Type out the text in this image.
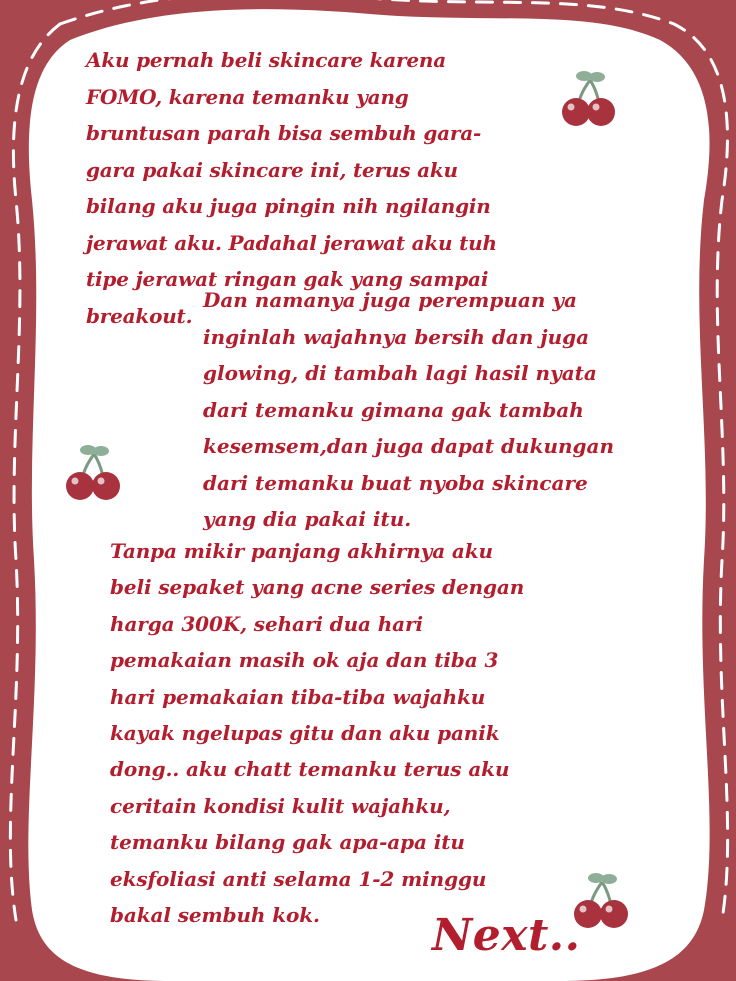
Aku pernah beli skincare karena
FOMO, karena temanku yang
bruntusan parah bisa sembuh gara-
gara pakai skincare ini, terus aku
bilang aku juga pingin nih ngilangin
jerawat aku. Padahal jerawat aku tuh
tipe jerawat ringan gak yang sampai
breakout.

Dan namanya juga perempuan ya
inginlah wajahnya bersih dan juga
glowing, di tambah lagi hasil nyata
dari temanku gimana gak tambah
kesemsem,dan juga dapat dukungan
dari temanku buat nyoba skincare
yang dia pakai itu.

Tanpa mikir panjang akhirnya aku
beli sepaket yang acne series dengan
harga 300K, sehari dua hari
pemakaian masih ok aja dan tiba 3
hari pemakaian tiba-tiba wajahku
kayak ngelupas gitu dan aku panik
dong.. aku chatt temanku terus aku
ceritain kondisi kulit wajahku,
temanku bilang gak apa-apa itu
eksfoliasi anti selama 1-2 minggu
bakal sembuh kok.	Next..
